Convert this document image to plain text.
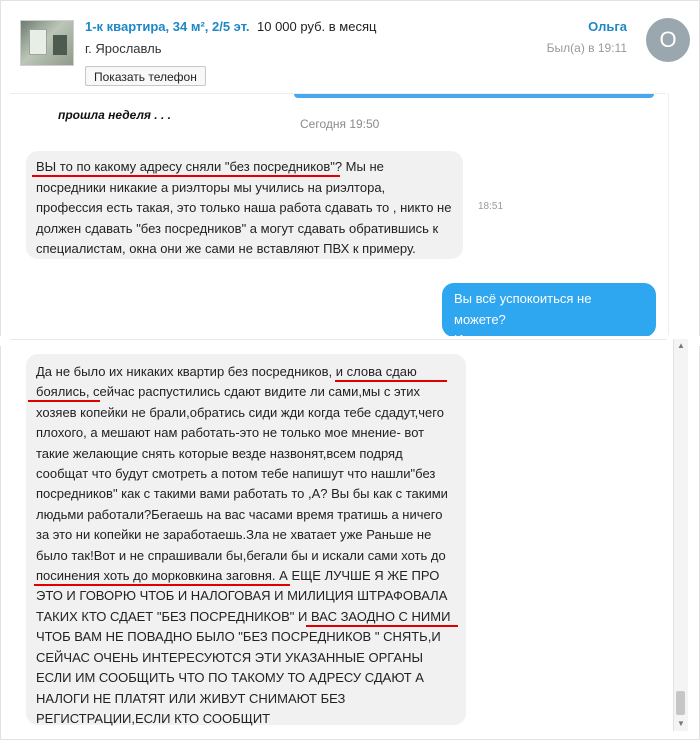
1-к квартира, 34 м², 2/5 эт. 10 000 руб. в месяц
г. Ярославль
Показать телефон
Ольга
Был(а) в 19:11	О
прошла неделя . . .
Сегодня 19:50

ВЫ то по какому адресу сняли "без посредников"? Мы не

посредники никакие а риэлторы мы учились на риэлтора,

профессия есть такая, это только наша работа сдавать то , никто не

должен сдавать "без посредников" а могут сдавать обратившись к

специалистам, окна они же сами не вставляют ПВХ к примеру.

18:51
Вы всё успокоиться не можете?

Да не было их никаких квартир без посредников, и слова сдаю

боялись, сейчас распустились сдают видите ли сами,мы с этих

хозяев копейки не брали,обратись сиди жди когда тебе сдадут,чего

плохого, а мешают нам работать-это не только мое мнение- вот

такие желающие снять которые везде назвонят,всем подряд

сообщат что будут смотреть а потом тебе напишут что нашли"без

посредников" как с такими вами работать то ,А? Вы бы как с такими

людьми работали?Бегаешь на вас часами время тратишь а ничего

за это ни копейки не заработаешь.Зла не хватает уже Раньше не

было так!Вот и не спрашивали бы,бегали бы и искали сами хоть до

посинения хоть до морковкина заговня. А ЕЩЕ ЛУЧШЕ Я ЖЕ ПРО

ЭТО И ГОВОРЮ ЧТОБ И НАЛОГОВАЯ И МИЛИЦИЯ ШТРАФОВАЛА

ТАКИХ КТО СДАЕТ "БЕЗ ПОСРЕДНИКОВ" И ВАС ЗАОДНО С НИМИ

ЧТОБ ВАМ НЕ ПОВАДНО БЫЛО "БЕЗ ПОСРЕДНИКОВ " СНЯТЬ,И

СЕЙЧАС ОЧЕНЬ ИНТЕРЕСУЮТСЯ ЭТИ УКАЗАННЫЕ ОРГАНЫ

ЕСЛИ ИМ СООБЩИТЬ ЧТО ПО ТАКОМУ ТО АДРЕСУ СДАЮТ А

НАЛОГИ НЕ ПЛАТЯТ ИЛИ ЖИВУТ СНИМАЮТ БЕЗ

РЕГИСТРАЦИИ,ЕСЛИ КТО СООБЩИТ

▲
▼
